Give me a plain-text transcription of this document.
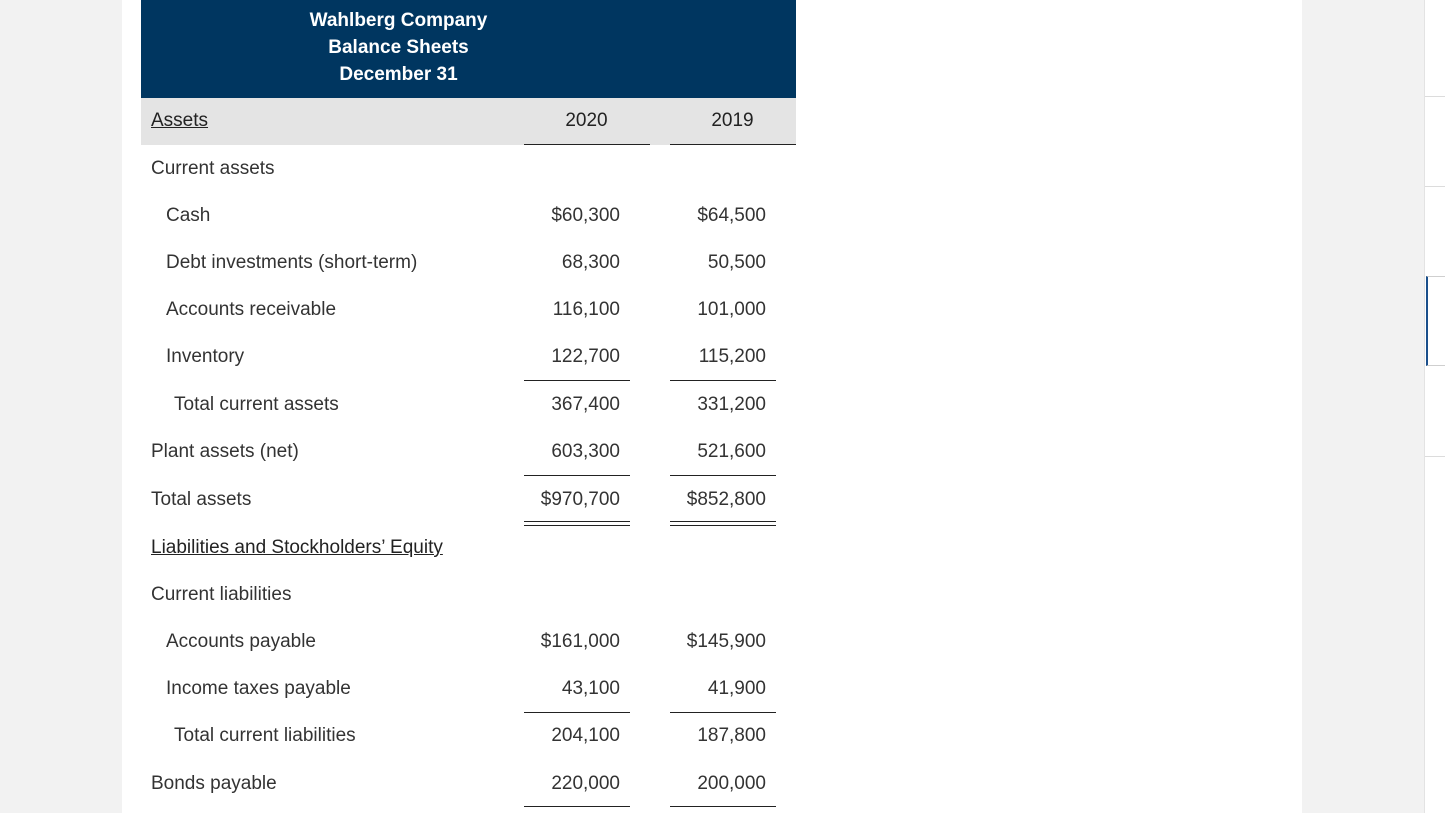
Wahlberg Company
Balance Sheets
December 31
Assets	2020	2019
Current assets
Cash	$60,300	$64,500
Debt investments (short-term)	68,300	50,500
Accounts receivable	116,100	101,000
Inventory	122,700	115,200
Total current assets	367,400	331,200
Plant assets (net)	603,300	521,600
Total assets	$970,700	$852,800
Liabilities and Stockholders’ Equity
Current liabilities
Accounts payable	$161,000	$145,900
Income taxes payable	43,100	41,900
Total current liabilities	204,100	187,800
Bonds payable	220,000	200,000
